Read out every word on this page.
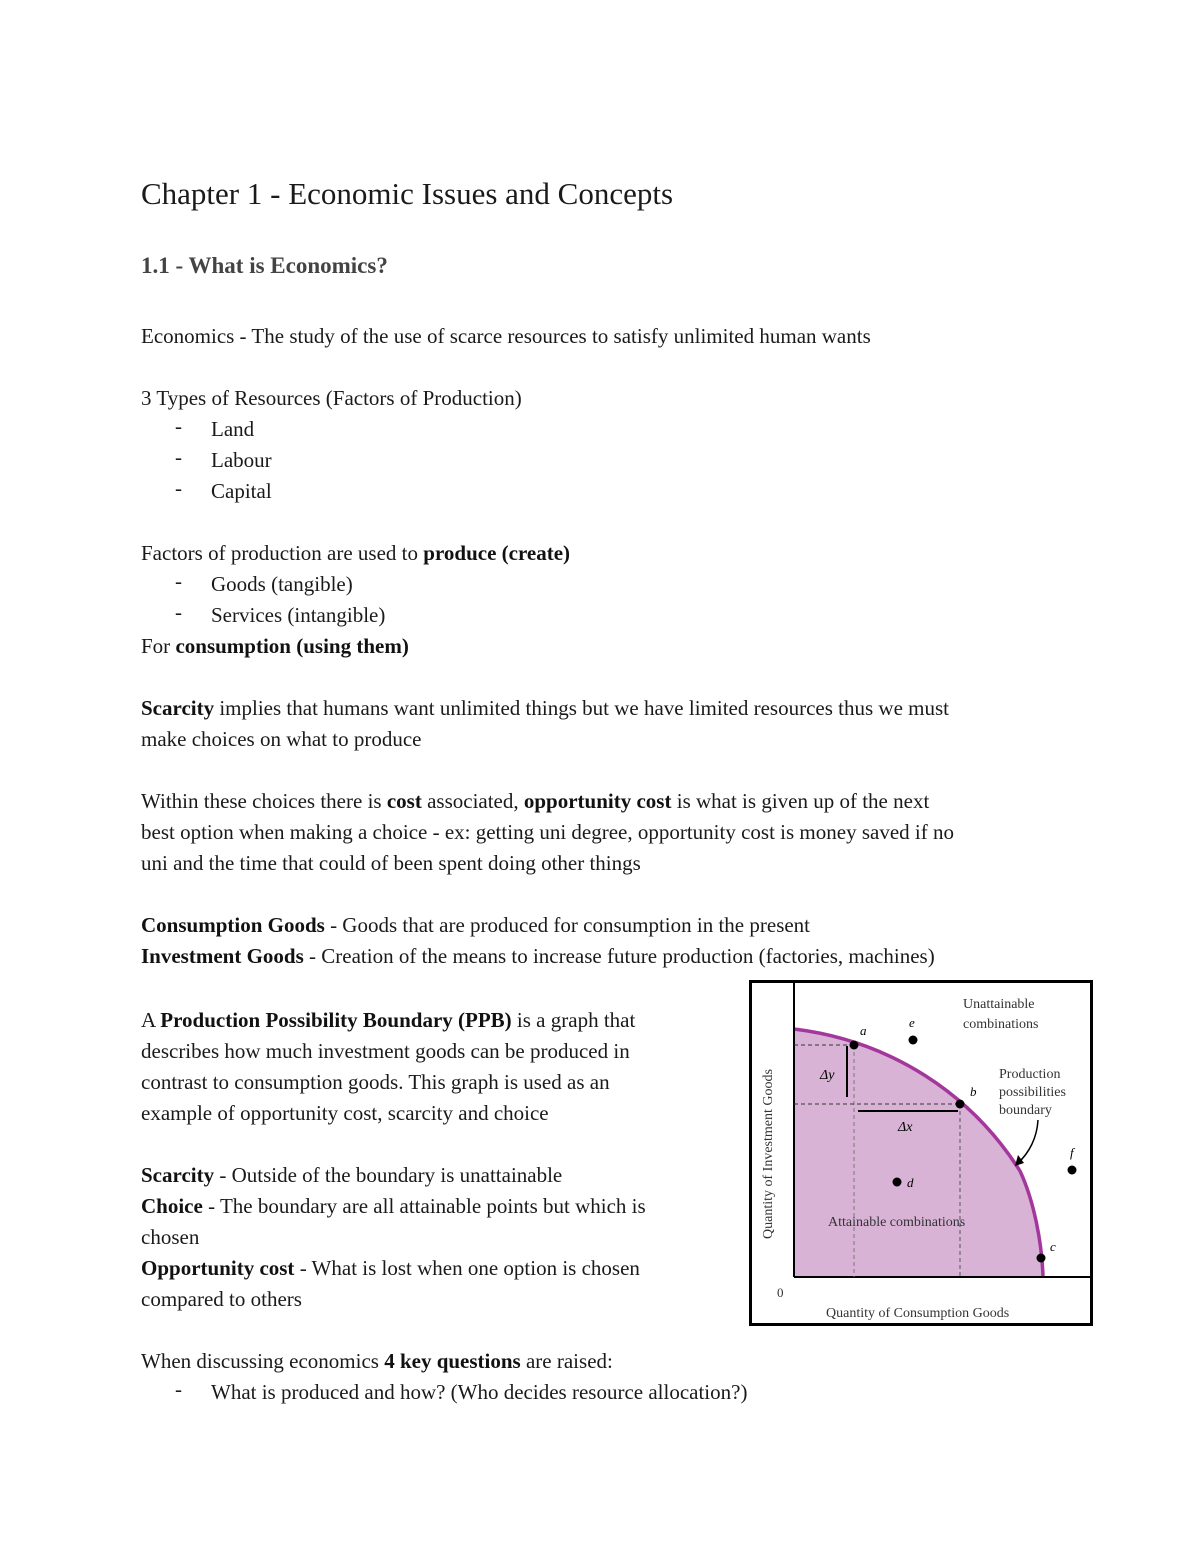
Chapter 1 - Economic Issues and Concepts
1.1 - What is Economics?
Economics - The study of the use of scarce resources to satisfy unlimited human wants
3 Types of Resources (Factors of Production)
- Land
- Labour
- Capital
Factors of production are used to produce (create)
- Goods (tangible)
- Services (intangible)
For consumption (using them)
Scarcity implies that humans want unlimited things but we have limited resources thus we must
make choices on what to produce
Within these choices there is cost associated, opportunity cost is what is given up of the next
best option when making a choice - ex: getting uni degree, opportunity cost is money saved if no
uni and the time that could of been spent doing other things
Consumption Goods - Goods that are produced for consumption in the present
Investment Goods - Creation of the means to increase future production (factories, machines)
A Production Possibility Boundary (PPB) is a graph that
describes how much investment goods can be produced in
contrast to consumption goods. This graph is used as an
example of opportunity cost, scarcity and choice
Scarcity - Outside of the boundary is unattainable
Choice - The boundary are all attainable points but which is
chosen
Opportunity cost - What is lost when one option is chosen
compared to others
When discussing economics 4 key questions are raised:
- What is produced and how? (Who decides resource allocation?)
Δy
Δx
a
b
c
d
e
f
Unattainable
combinations
Production
possibilities
boundary
Attainable combinations
0
Quantity of Consumption Goods
Quantity of Investment Goods
